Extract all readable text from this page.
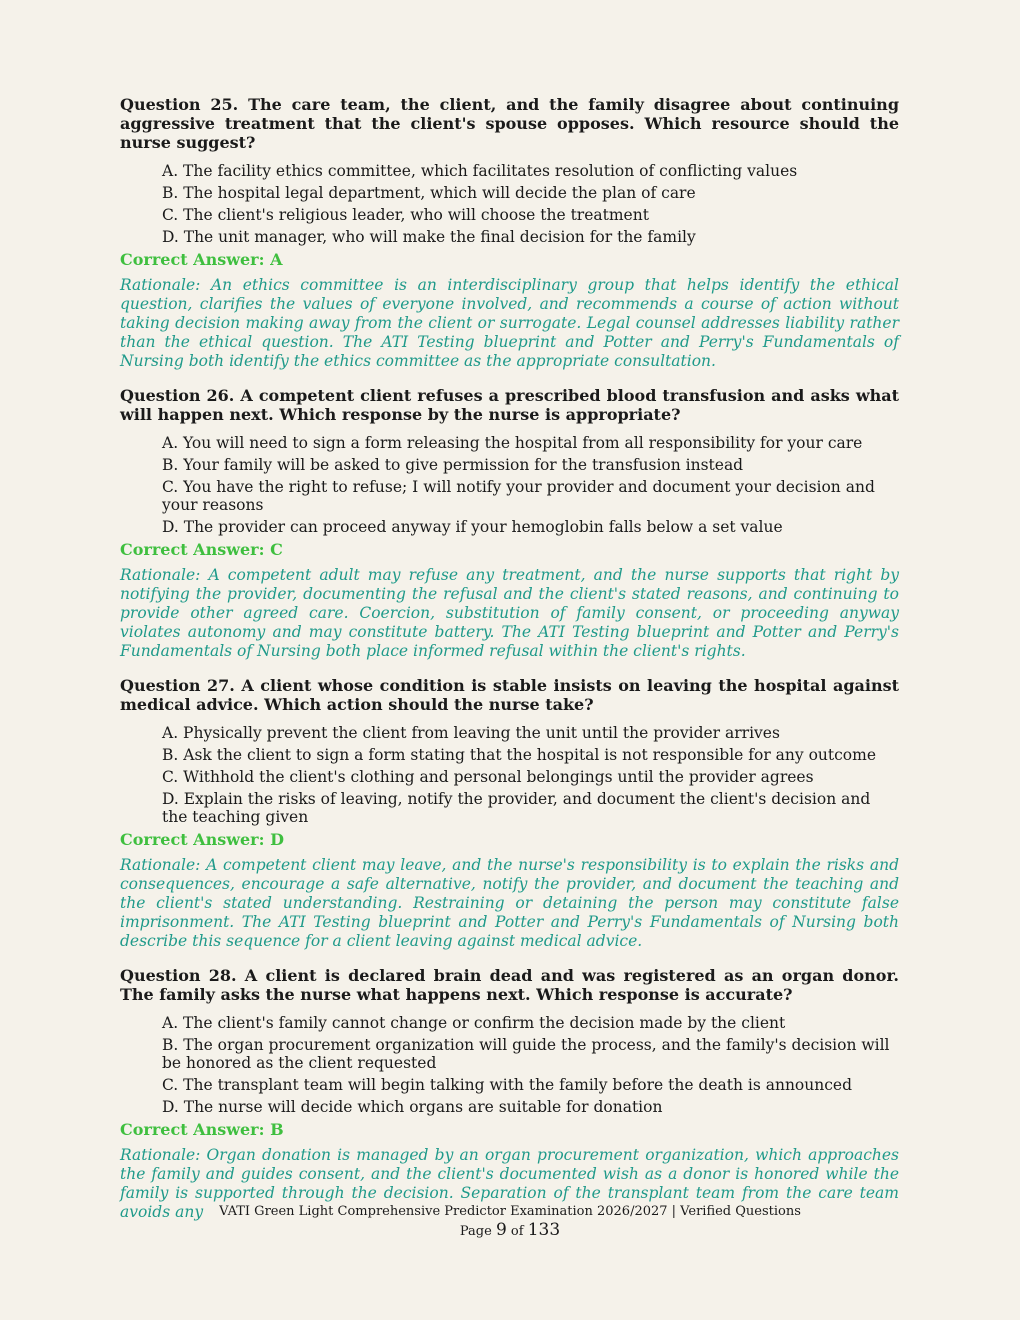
Question 25. The care team, the client, and the family disagree about continuing aggressive treatment that the client's spouse opposes. Which resource should the nurse suggest?

A. The facility ethics committee, which facilitates resolution of conflicting values
B. The hospital legal department, which will decide the plan of care
C. The client's religious leader, who will choose the treatment
D. The unit manager, who will make the final decision for the family
Correct Answer: A

Rationale: An ethics committee is an interdisciplinary group that helps identify the ethical question, clarifies the values of everyone involved, and recommends a course of action without taking decision making away from the client or surrogate. Legal counsel addresses liability rather than the ethical question. The ATI Testing blueprint and Potter and Perry's Fundamentals of Nursing both identify the ethics committee as the appropriate consultation.

Question 26. A competent client refuses a prescribed blood transfusion and asks what will happen next. Which response by the nurse is appropriate?

A. You will need to sign a form releasing the hospital from all responsibility for your care
B. Your family will be asked to give permission for the transfusion instead
C. You have the right to refuse; I will notify your provider and document your decision and your reasons
D. The provider can proceed anyway if your hemoglobin falls below a set value
Correct Answer: C

Rationale: A competent adult may refuse any treatment, and the nurse supports that right by notifying the provider, documenting the refusal and the client's stated reasons, and continuing to provide other agreed care. Coercion, substitution of family consent, or proceeding anyway violates autonomy and may constitute battery. The ATI Testing blueprint and Potter and Perry's Fundamentals of Nursing both place informed refusal within the client's rights.

Question 27. A client whose condition is stable insists on leaving the hospital against medical advice. Which action should the nurse take?

A. Physically prevent the client from leaving the unit until the provider arrives
B. Ask the client to sign a form stating that the hospital is not responsible for any outcome
C. Withhold the client's clothing and personal belongings until the provider agrees
D. Explain the risks of leaving, notify the provider, and document the client's decision and the teaching given
Correct Answer: D

Rationale: A competent client may leave, and the nurse's responsibility is to explain the risks and consequences, encourage a safe alternative, notify the provider, and document the teaching and the client's stated understanding. Restraining or detaining the person may constitute false imprisonment. The ATI Testing blueprint and Potter and Perry's Fundamentals of Nursing both describe this sequence for a client leaving against medical advice.

Question 28. A client is declared brain dead and was registered as an organ donor. The family asks the nurse what happens next. Which response is accurate?

A. The client's family cannot change or confirm the decision made by the client
B. The organ procurement organization will guide the process, and the family's decision will be honored as the client requested
C. The transplant team will begin talking with the family before the death is announced
D. The nurse will decide which organs are suitable for donation
Correct Answer: B

Rationale: Organ donation is managed by an organ procurement organization, which approaches the family and guides consent, and the client's documented wish as a donor is honored while the family is supported through the decision. Separation of the transplant team from the care team avoids any	VATI Green Light Comprehensive Predictor Examination 2026/2027 | Verified Questions
Page 9 of 133
